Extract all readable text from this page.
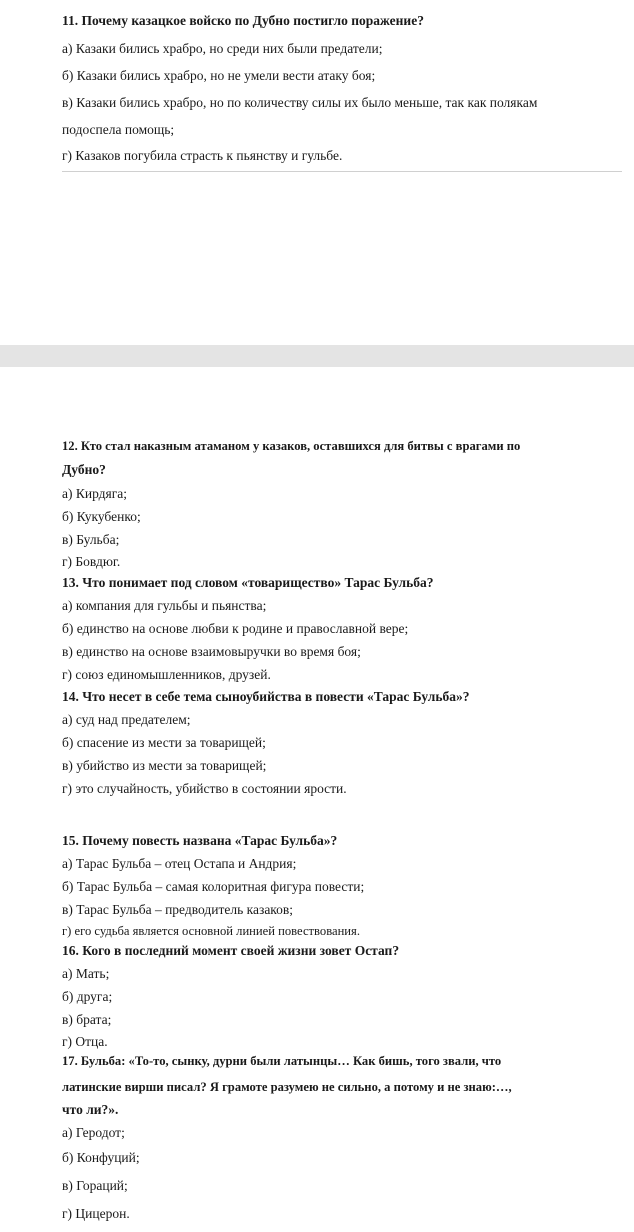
11. Почему казацкое войско по Дубно постигло поражение?
а) Казаки бились храбро, но среди них были предатели;
б) Казаки бились храбро, но не умели вести атаку боя;
в) Казаки бились храбро, но по количеству силы их было меньше, так как полякам
подоспела помощь;
г) Казаков погубила страсть к пьянству и гульбе.
12. Кто стал наказным атаманом у казаков, оставшихся для битвы с врагами по
Дубно?
а) Кирдяга;
б) Кукубенко;
в) Бульба;
г) Бовдюг.
13. Что понимает под словом «товарищество» Тарас Бульба?
а) компания для гульбы и пьянства;
б) единство на основе любви к родине и православной вере;
в) единство на основе взаимовыручки во время боя;
г) союз единомышленников, друзей.
14. Что несет в себе тема сыноубийства в повести «Тарас Бульба»?
а) суд над предателем;
б) спасение из мести за товарищей;
в) убийство из мести за товарищей;
г) это случайность, убийство в состоянии ярости.
15. Почему повесть названа «Тарас Бульба»?
а) Тарас Бульба – отец Остапа и Андрия;
б) Тарас Бульба – самая колоритная фигура повести;
в) Тарас Бульба – предводитель казаков;
г) его судьба является основной линией повествования.
16. Кого в последний момент своей жизни зовет Остап?
а) Мать;
б) друга;
в) брата;
г) Отца.
17. Бульба: «То-то, сынку, дурни были латынцы… Как бишь, того звали, что
латинские вирши писал? Я грамоте разумею не сильно, а потому и не знаю:…,
что ли?».
а) Геродот;
б) Конфуций;
в) Гораций;
г) Цицерон.
